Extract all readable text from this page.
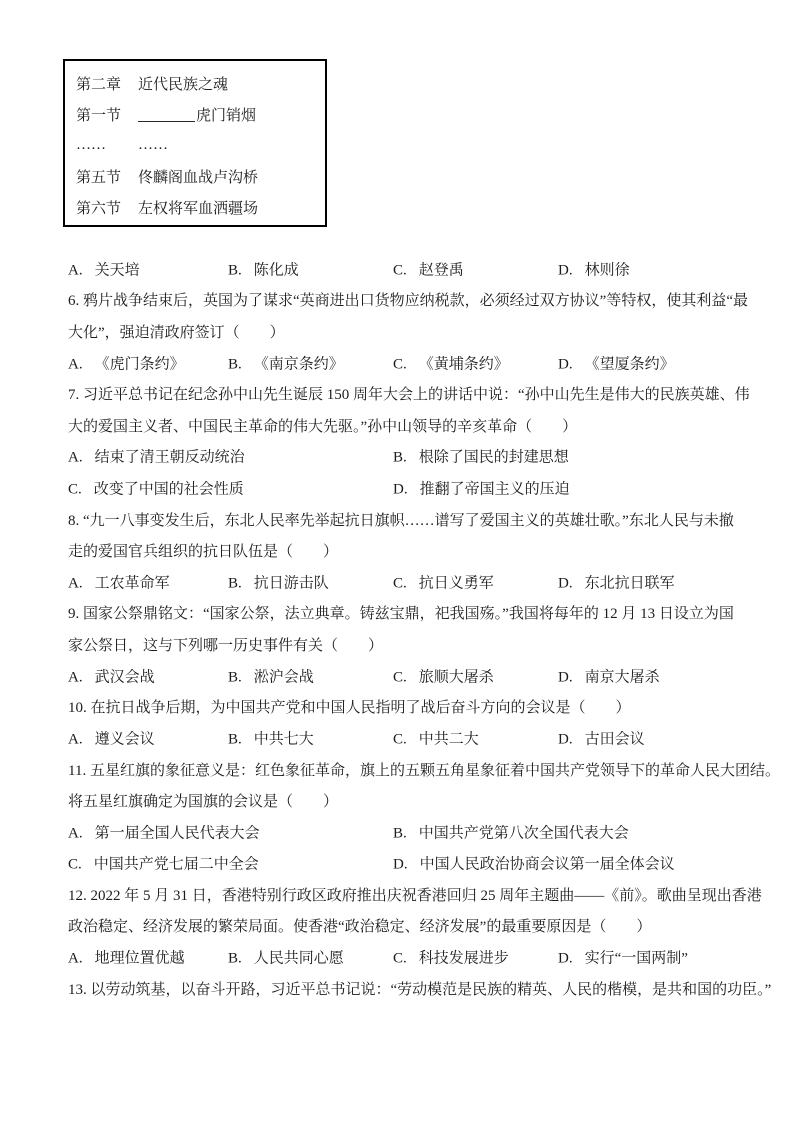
第二章	近代民族之魂
第一节	虎门销烟
……	……
第五节	佟麟阁血战卢沟桥
第六节	左权将军血洒疆场
A. 关天培	B. 陈化成	C. 赵登禹	D. 林则徐
6. 鸦片战争结束后，英国为了谋求“英商进出口货物应纳税款，必须经过双方协议”等特权，使其利益“最
大化”，强迫清政府签订（　　）
A. 《虎门条约》	B. 《南京条约》	C. 《黄埔条约》	D. 《望厦条约》
7. 习近平总书记在纪念孙中山先生诞辰 150 周年大会上的讲话中说：“孙中山先生是伟大的民族英雄、伟
大的爱国主义者、中国民主革命的伟大先驱。”孙中山领导的辛亥革命（　　）
A. 结束了清王朝反动统治	B. 根除了国民的封建思想
C. 改变了中国的社会性质	D. 推翻了帝国主义的压迫
8. “九一八事变发生后，东北人民率先举起抗日旗帜……谱写了爱国主义的英雄壮歌。”东北人民与未撤
走的爱国官兵组织的抗日队伍是（　　）
A. 工农革命军	B. 抗日游击队	C. 抗日义勇军	D. 东北抗日联军
9. 国家公祭鼎铭文：“国家公祭，法立典章。铸兹宝鼎，祀我国殇。”我国将每年的 12 月 13 日设立为国
家公祭日，这与下列哪一历史事件有关（　　）
A. 武汉会战	B. 淞沪会战	C. 旅顺大屠杀	D. 南京大屠杀
10. 在抗日战争后期，为中国共产党和中国人民指明了战后奋斗方向的会议是（　　）
A. 遵义会议	B. 中共七大	C. 中共二大	D. 古田会议
11. 五星红旗的象征意义是：红色象征革命，旗上的五颗五角星象征着中国共产党领导下的革命人民大团结。
将五星红旗确定为国旗的会议是（　　）
A. 第一届全国人民代表大会	B. 中国共产党第八次全国代表大会
C. 中国共产党七届二中全会	D. 中国人民政治协商会议第一届全体会议
12. 2022 年 5 月 31 日，香港特别行政区政府推出庆祝香港回归 25 周年主题曲——《前》。歌曲呈现出香港
政治稳定、经济发展的繁荣局面。使香港“政治稳定、经济发展”的最重要原因是（　　）
A. 地理位置优越	B. 人民共同心愿	C. 科技发展进步	D. 实行“一国两制”
13. 以劳动筑基，以奋斗开路，习近平总书记说：“劳动模范是民族的精英、人民的楷模，是共和国的功臣。”
